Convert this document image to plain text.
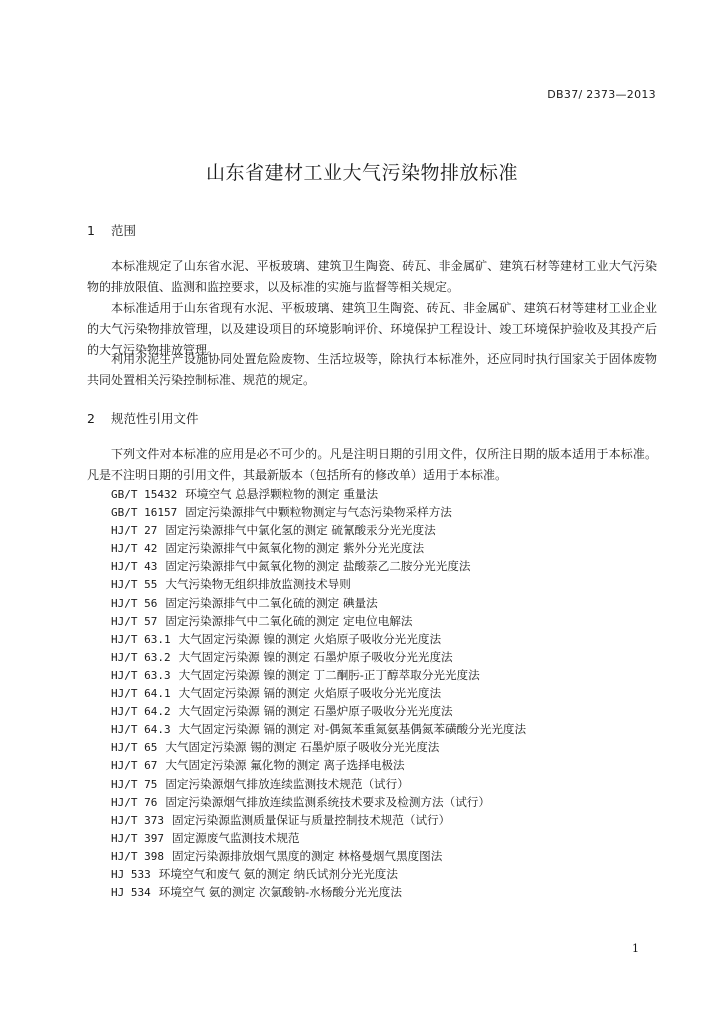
DB37/ 2373—2013
山东省建材工业大气污染物排放标准
1 范围

本标准规定了山东省水泥、平板玻璃、建筑卫生陶瓷、砖瓦、非金属矿、建筑石材等建材工业大气污染物的排放限值、监测和监控要求，以及标准的实施与监督等相关规定。

本标准适用于山东省现有水泥、平板玻璃、建筑卫生陶瓷、砖瓦、非金属矿、建筑石材等建材工业企业的大气污染物排放管理，以及建设项目的环境影响评价、环境保护工程设计、竣工环境保护验收及其投产后的大气污染物排放管理。

利用水泥生产设施协同处置危险废物、生活垃圾等，除执行本标准外，还应同时执行国家关于固体废物共同处置相关污染控制标准、规范的规定。

2 规范性引用文件

下列文件对本标准的应用是必不可少的。凡是注明日期的引用文件，仅所注日期的版本适用于本标准。凡是不注明日期的引用文件，其最新版本（包括所有的修改单）适用于本标准。

GB/T 15432 环境空气 总悬浮颗粒物的测定 重量法
GB/T 16157 固定污染源排气中颗粒物测定与气态污染物采样方法
HJ/T 27 固定污染源排气中氯化氢的测定 硫氰酸汞分光光度法
HJ/T 42 固定污染源排气中氮氧化物的测定 紫外分光光度法
HJ/T 43 固定污染源排气中氮氧化物的测定 盐酸萘乙二胺分光光度法
HJ/T 55 大气污染物无组织排放监测技术导则
HJ/T 56 固定污染源排气中二氧化硫的测定 碘量法
HJ/T 57 固定污染源排气中二氧化硫的测定 定电位电解法
HJ/T 63.1 大气固定污染源 镍的测定 火焰原子吸收分光光度法
HJ/T 63.2 大气固定污染源 镍的测定 石墨炉原子吸收分光光度法
HJ/T 63.3 大气固定污染源 镍的测定 丁二酮肟-正丁醇萃取分光光度法
HJ/T 64.1 大气固定污染源 镉的测定 火焰原子吸收分光光度法
HJ/T 64.2 大气固定污染源 镉的测定 石墨炉原子吸收分光光度法
HJ/T 64.3 大气固定污染源 镉的测定 对-偶氮苯重氮氨基偶氮苯磺酸分光光度法
HJ/T 65 大气固定污染源 锡的测定 石墨炉原子吸收分光光度法
HJ/T 67 大气固定污染源 氟化物的测定 离子选择电极法
HJ/T 75 固定污染源烟气排放连续监测技术规范（试行）
HJ/T 76 固定污染源烟气排放连续监测系统技术要求及检测方法（试行）
HJ/T 373 固定污染源监测质量保证与质量控制技术规范（试行）
HJ/T 397 固定源废气监测技术规范
HJ/T 398 固定污染源排放烟气黑度的测定 林格曼烟气黑度图法
HJ 533 环境空气和废气 氨的测定 纳氏试剂分光光度法
HJ 534 环境空气 氨的测定 次氯酸钠-水杨酸分光光度法
1
